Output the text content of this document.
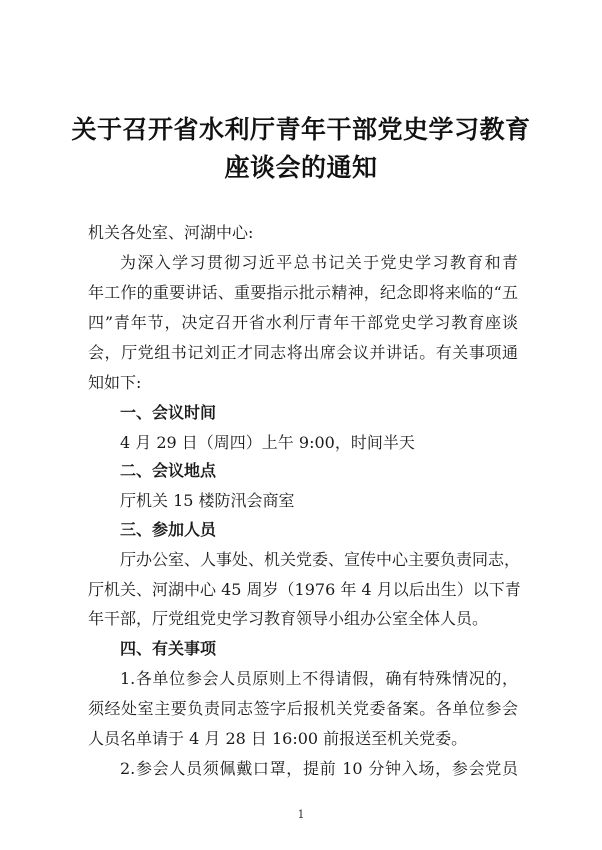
关于召开省水利厅青年干部党史学习教育
座谈会的通知
机关各处室、河湖中心:
为深入学习贯彻习近平总书记关于党史学习教育和青
年工作的重要讲话、重要指示批示精神，纪念即将来临的“五
四”青年节，决定召开省水利厅青年干部党史学习教育座谈
会，厅党组书记刘正才同志将出席会议并讲话。有关事项通
知如下:
一、会议时间
4 月 29 日（周四）上午 9:00，时间半天
二、会议地点
厅机关 15 楼防汛会商室
三、参加人员
厅办公室、人事处、机关党委、宣传中心主要负责同志，
厅机关、河湖中心 45 周岁（1976 年 4 月以后出生）以下青
年干部，厅党组党史学习教育领导小组办公室全体人员。
四、有关事项
1.各单位参会人员原则上不得请假，确有特殊情况的，
须经处室主要负责同志签字后报机关党委备案。各单位参会
人员名单请于 4 月 28 日 16:00 前报送至机关党委。
2.参会人员须佩戴口罩，提前 10 分钟入场，参会党员
1
